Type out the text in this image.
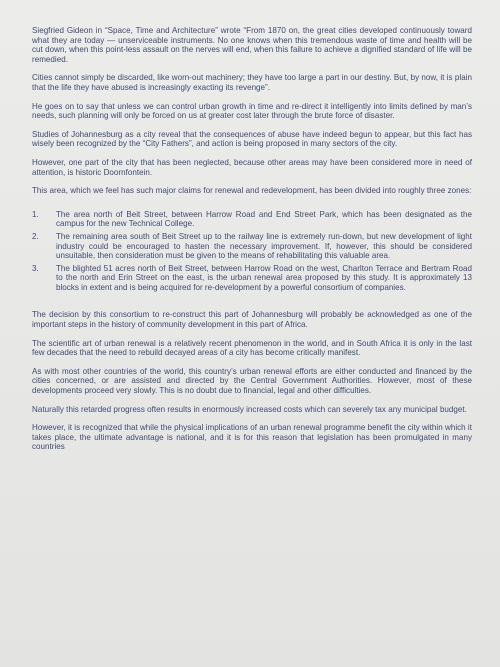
Siegfried Gideon in “Space, Time and Architecture” wrote “From 1870 on, the great cities developed continuously toward what they are today — unserviceable instruments. No one knows when this tremendous waste of time and health will be cut down, when this point-less assault on the nerves will end, when this failure to achieve a dignified standard of life will be remedied.

Cities cannot simply be discarded, like worn-out machinery; they have too large a part in our destiny. But, by now, it is plain that the life they have abused is increasingly exacting its revenge”.

He goes on to say that unless we can control urban growth in time and re-direct it intelligently into limits defined by man’s needs, such planning will only be forced on us at greater cost later through the brute force of disaster.

Studies of Johannesburg as a city reveal that the consequences of abuse have indeed begun to appear, but this fact has wisely been recognized by the “City Fathers”, and action is being proposed in many sectors of the city.

However, one part of the city that has been neglected, because other areas may have been considered more in need of attention, is historic Doornfontein.

This area, which we feel has such major claims for renewal and redevelopment, has been divided into roughly three zones:

1.	The area north of Beit Street, between Harrow Road and End Street Park, which has been designated as the campus for the new Technical College.
2.	The remaining area south of Beit Street up to the railway line is extremely run-down, but new development of light industry could be encouraged to hasten the necessary improvement. If, however, this should be considered unsuitable, then consideration must be given to the means of rehabilitating this valuable area.
3.	The blighted 51 acres north of Beit Street, between Harrow Road on the west, Charlton Terrace and Bertram Road to the north and Erin Street on the east, is the urban renewal area proposed by this study. It is approximately 13 blocks in extent and is being acquired for re-development by a powerful consortium of companies.

The decision by this consortium to re-construct this part of Johannesburg will probably be acknowledged as one of the important steps in the history of community development in this part of Africa.

The scientific art of urban renewal is a relatively recent phenomenon in the world, and in South Africa it is only in the last few decades that the need to rebuild decayed areas of a city has become critically manifest.

As with most other countries of the world, this country’s urban renewal efforts are either conducted and financed by the cities concerned, or are assisted and directed by the Central Government Authorities. However, most of these developments proceed very slowly. This is no doubt due to financial, legal and other difficulties.

Naturally this retarded progress often results in enormously increased costs which can severely tax any municipal budget.

However, it is recognized that while the physical implications of an urban renewal programme benefit the city within which it takes place, the ultimate advantage is national, and it is for this reason that legislation has been promulgated in many countries
